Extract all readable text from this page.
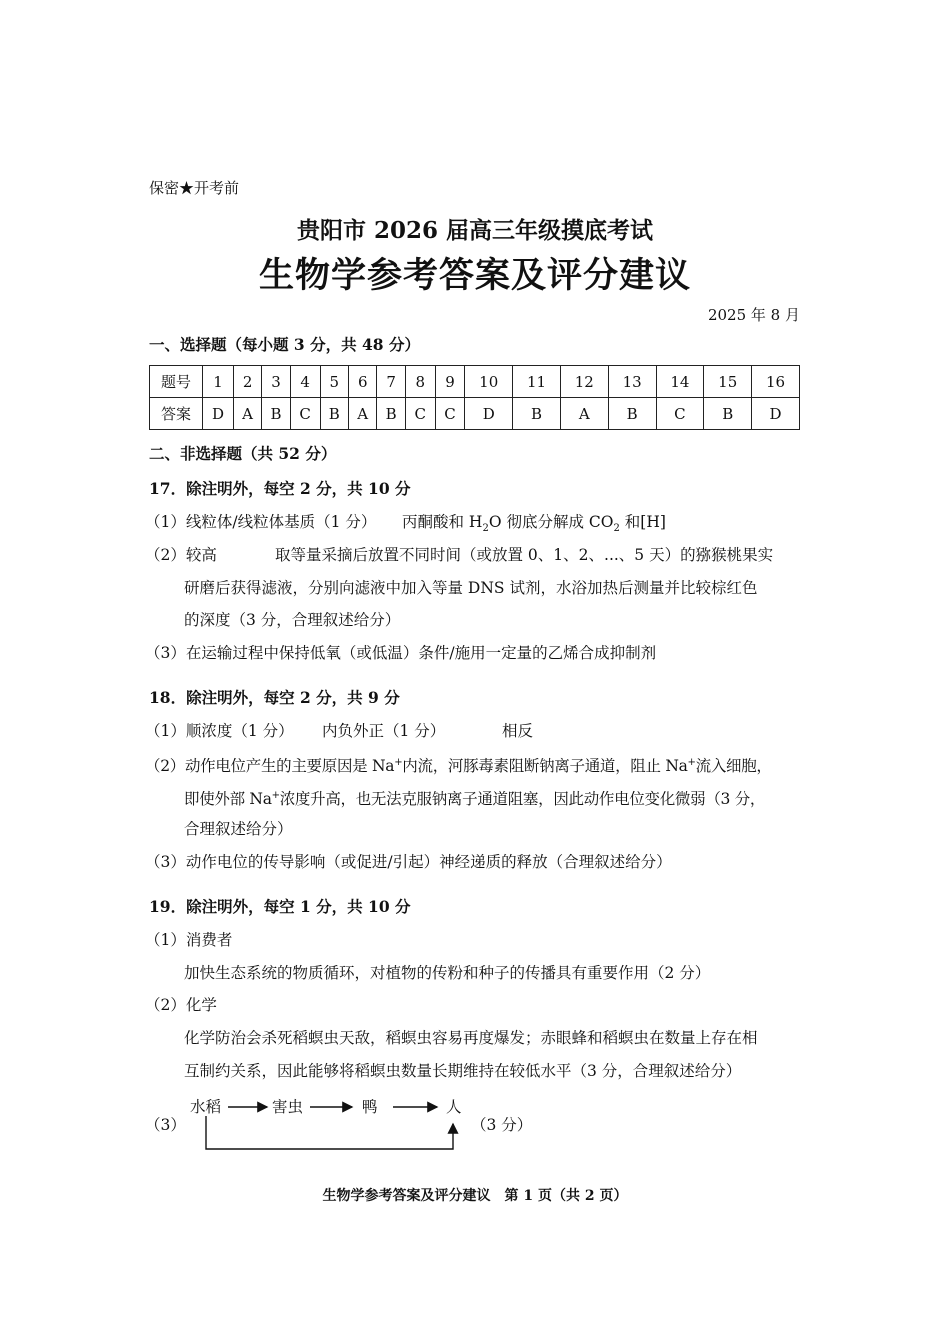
保密★开考前
贵阳市 2026 届高三年级摸底考试
生物学参考答案及评分建议
2025 年 8 月
一、选择题（每小题 3 分，共 48 分）
题号	1	2	3	4	5	6	7	8	9	10	11	12	13	14	15	16
答案	D	A	B	C	B	A	B	C	C	D	B	A	B	C	B	D
二、非选择题（共 52 分）
17．除注明外，每空 2 分，共 10 分
（1）线粒体/线粒体基质（1 分） 丙酮酸和 $H_2O$ 彻底分解成 $CO_2$ 和[H]
（2）较高	取等量采摘后放置不同时间（或放置 0、1、2、...、5 天）的猕猴桃果实
研磨后获得滤液，分别向滤液中加入等量 DNS 试剂，水浴加热后测量并比较棕红色
的深度（3 分，合理叙述给分）
（3）在运输过程中保持低氧（或低温）条件/施用一定量的乙烯合成抑制剂
18．除注明外，每空 2 分，共 9 分
（1）顺浓度（1 分） 内负外正（1 分）	相反
（2）动作电位产生的主要原因是 Na+内流，河豚毒素阻断钠离子通道，阻止 Na+流入细胞，
即使外部 Na+浓度升高，也无法克服钠离子通道阻塞，因此动作电位变化微弱（3 分，
合理叙述给分）
（3）动作电位的传导影响（或促进/引起）神经递质的释放（合理叙述给分）
19．除注明外，每空 1 分，共 10 分
（1）消费者
加快生态系统的物质循环，对植物的传粉和种子的传播具有重要作用（2 分）
（2）化学
化学防治会杀死稻螟虫天敌，稻螟虫容易再度爆发；赤眼蜂和稻螟虫在数量上存在相
互制约关系，因此能够将稻螟虫数量长期维持在较低水平（3 分，合理叙述给分）
（3）
水稻	害虫	鸭	人
（3 分）
生物学参考答案及评分建议　第 1 页（共 2 页）
